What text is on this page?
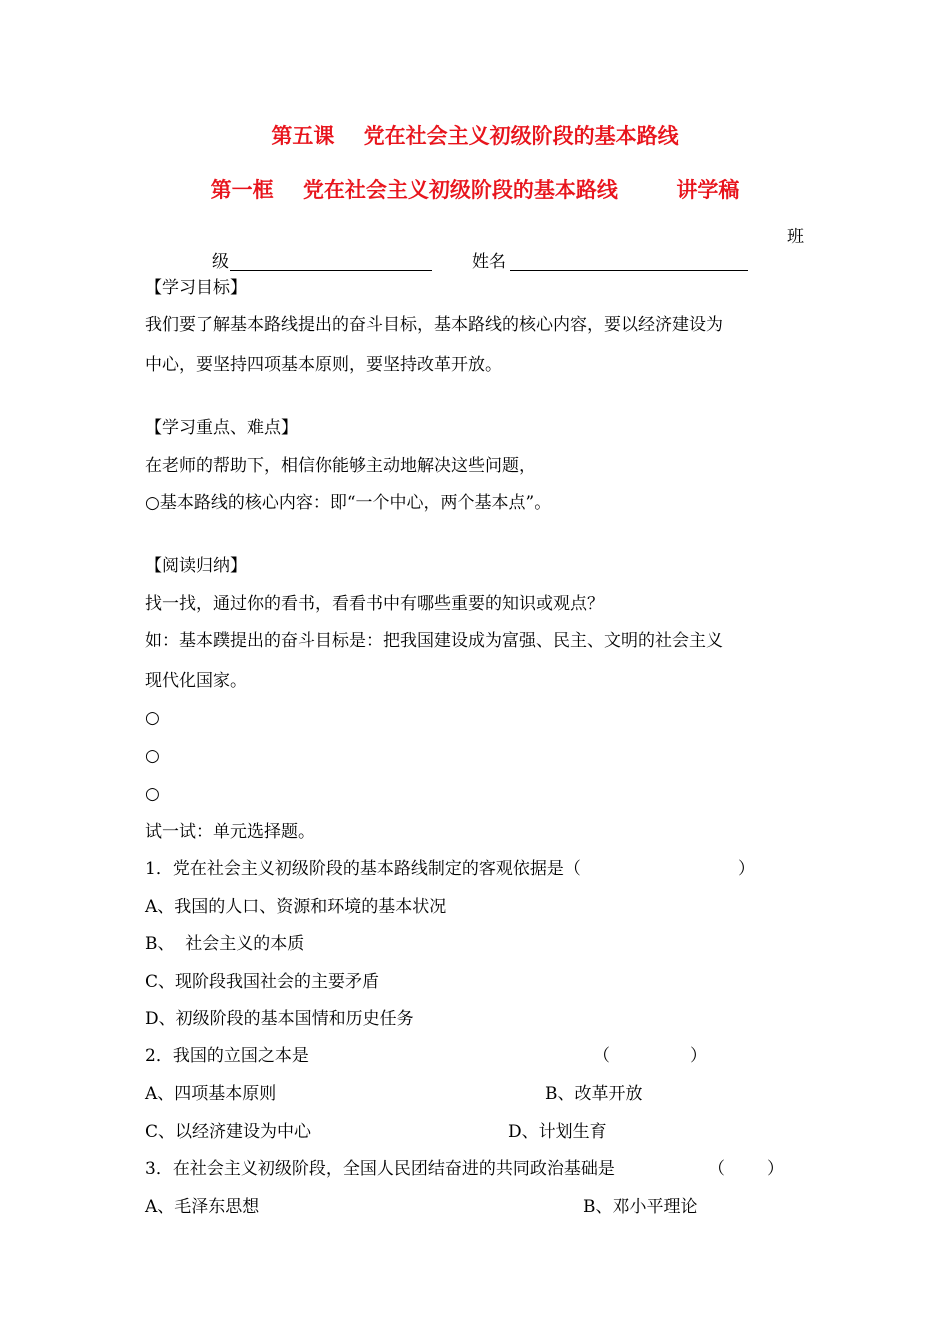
第五课    党在社会主义初级阶段的基本路线
第一框    党在社会主义初级阶段的基本路线        讲学稿
班
级	姓名
【学习目标】
我们要了解基本路线提出的奋斗目标，基本路线的核心内容，要以经济建设为
中心，要坚持四项基本原则，要坚持改革开放。
【学习重点、难点】
在老师的帮助下，相信你能够主动地解决这些问题，
○基本路线的核心内容：即“一个中心，两个基本点”。
【阅读归纳】
找一找，通过你的看书，看看书中有哪些重要的知识或观点？
如：基本蹼提出的奋斗目标是：把我国建设成为富强、民主、文明的社会主义
现代化国家。
○
○
○
试一试：单元选择题。
1．党在社会主义初级阶段的基本路线制定的客观依据是（	）
A、我国的人口、资源和环境的基本状况
B、  社会主义的本质
C、现阶段我国社会的主要矛盾
D、初级阶段的基本国情和历史任务
2．我国的立国之本是	（	）
A、四项基本原则	B、改革开放
C、以经济建设为中心	D、计划生育
3．在社会主义初级阶段，全国人民团结奋进的共同政治基础是	（ ）
A、毛泽东思想	B、邓小平理论
